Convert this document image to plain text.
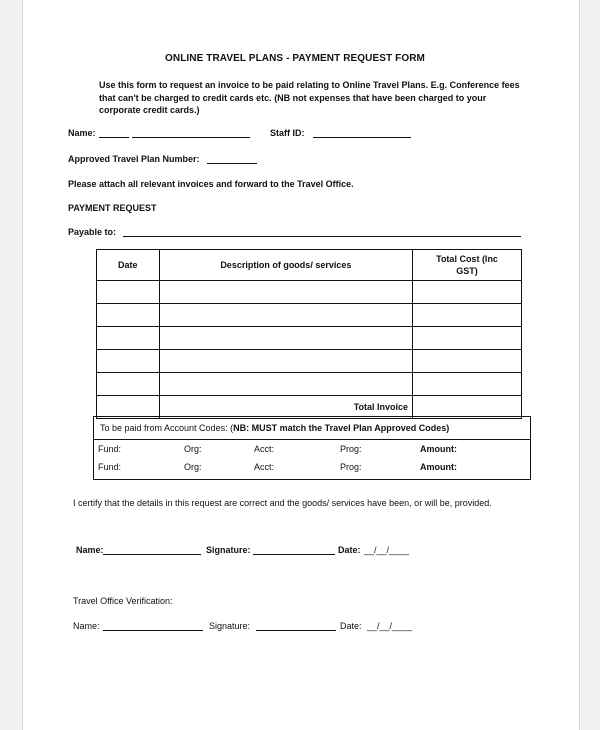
ONLINE TRAVEL PLANS - PAYMENT REQUEST FORM
Use this form to request an invoice to be paid relating to Online Travel Plans. E.g. Conference fees that can't be charged to credit cards etc. (NB not expenses that have been charged to your corporate credit cards.)
Name:
	Staff ID:
Approved Travel Plan Number:
Please attach all relevant invoices and forward to the Travel Office.
PAYMENT REQUEST
Payable to:
Date	Description of goods/ services	Total Cost (Inc GST)

	Total Invoice	
To be paid from Account Codes: (NB: MUST match the Travel Plan Approved Codes)
Fund:	Org:	Acct:	Prog:	Amount:
Fund:	Org:	Acct:	Prog:	Amount:
I certify that the details in this request are correct and the goods/ services have been, or will be, provided.
Name:	Signature:	Date: __/__/____
Travel Office Verification:
Name:	Signature:	Date: __/__/____
